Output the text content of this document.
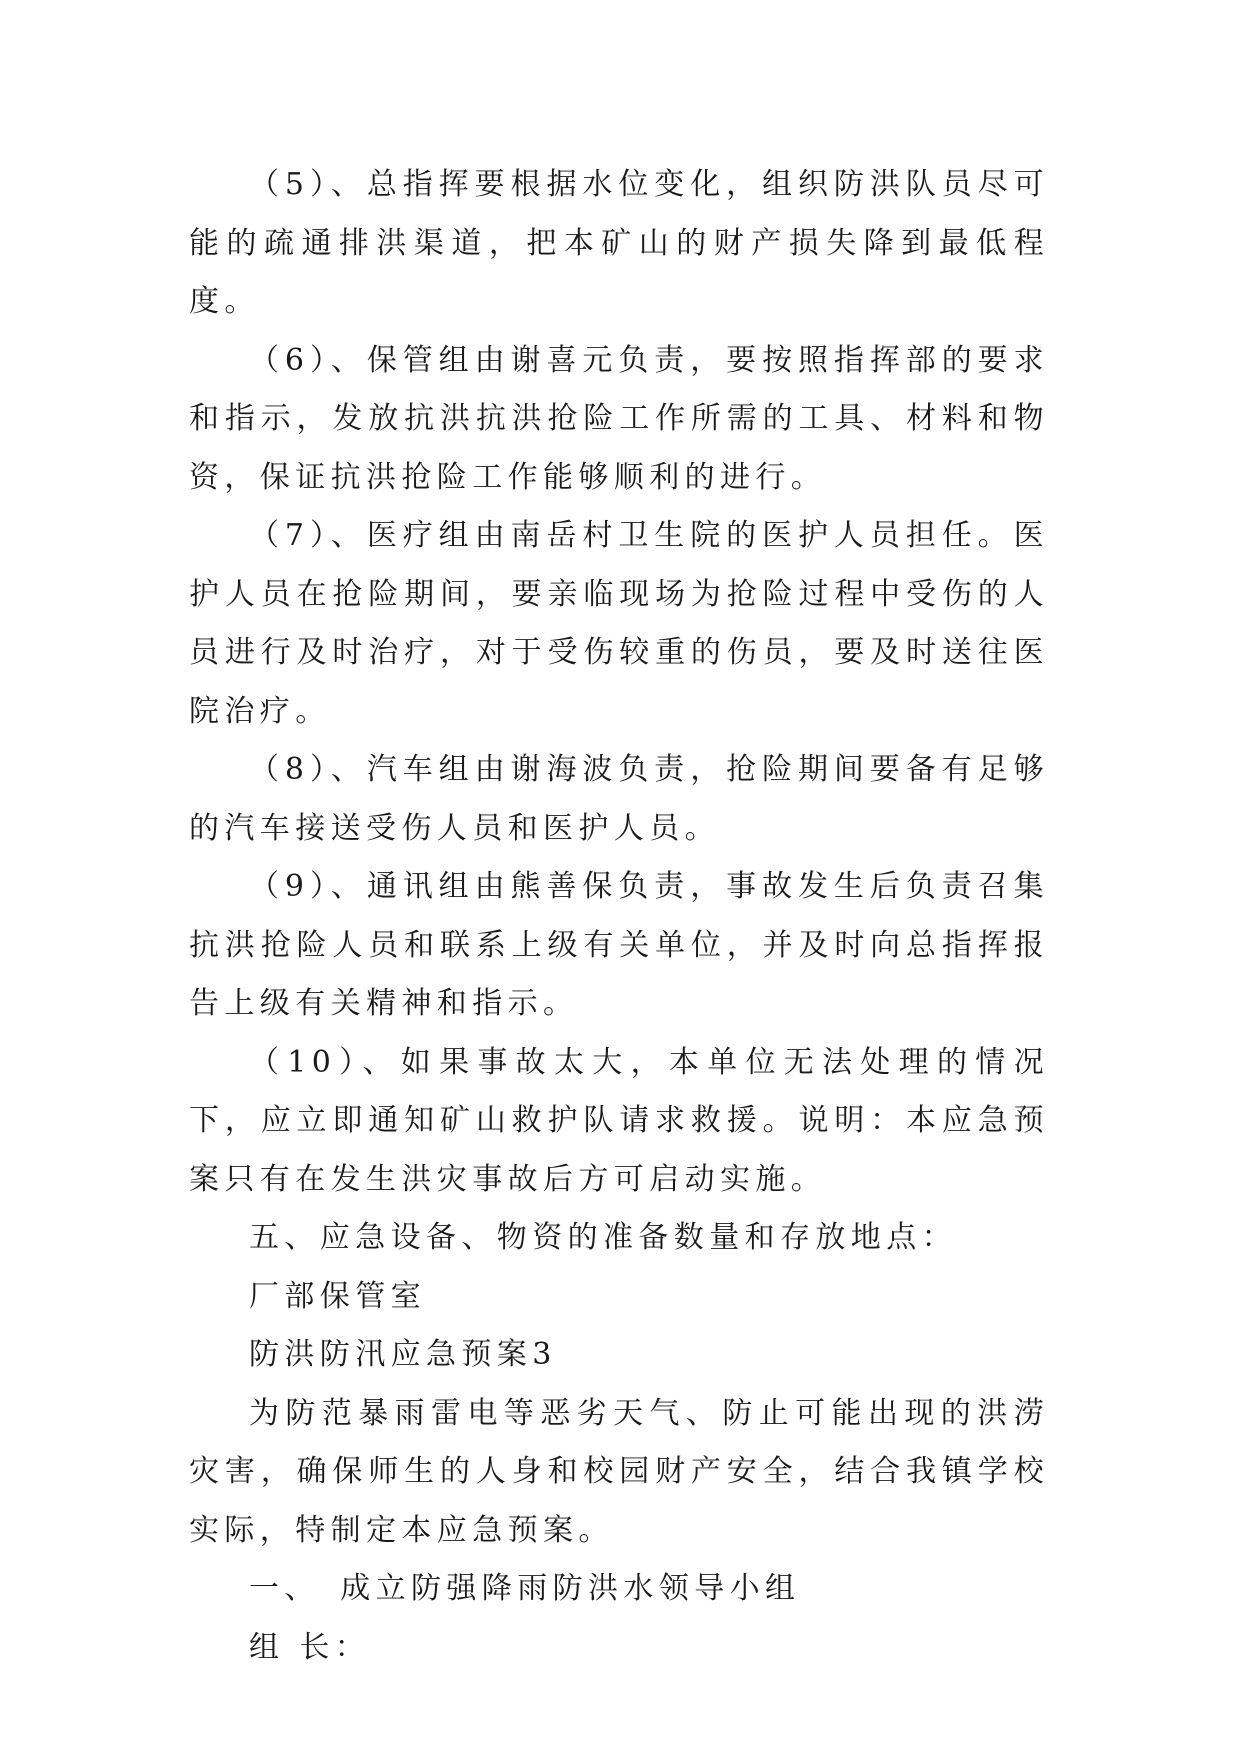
（5）、总指挥要根据水位变化，组织防洪队员尽可能的疏通排洪渠道，把本矿山的财产损失降到最低程度。

（6）、保管组由谢喜元负责，要按照指挥部的要求和指示，发放抗洪抗洪抢险工作所需的工具、材料和物资，保证抗洪抢险工作能够顺利的进行。

（7）、医疗组由南岳村卫生院的医护人员担任。医护人员在抢险期间，要亲临现场为抢险过程中受伤的人员进行及时治疗，对于受伤较重的伤员，要及时送往医院治疗。

（8）、汽车组由谢海波负责，抢险期间要备有足够的汽车接送受伤人员和医护人员。

（9）、通讯组由熊善保负责，事故发生后负责召集抗洪抢险人员和联系上级有关单位，并及时向总指挥报告上级有关精神和指示。

（10）、如果事故太大，本单位无法处理的情况下，应立即通知矿山救护队请求救援。说明：本应急预案只有在发生洪灾事故后方可启动实施。

五、应急设备、物资的准备数量和存放地点：

厂部保管室

防洪防汛应急预案3

为防范暴雨雷电等恶劣天气、防止可能出现的洪涝灾害，确保师生的人身和校园财产安全，结合我镇学校实际，特制定本应急预案。

一、　成立防强降雨防洪水领导小组

组 长：
